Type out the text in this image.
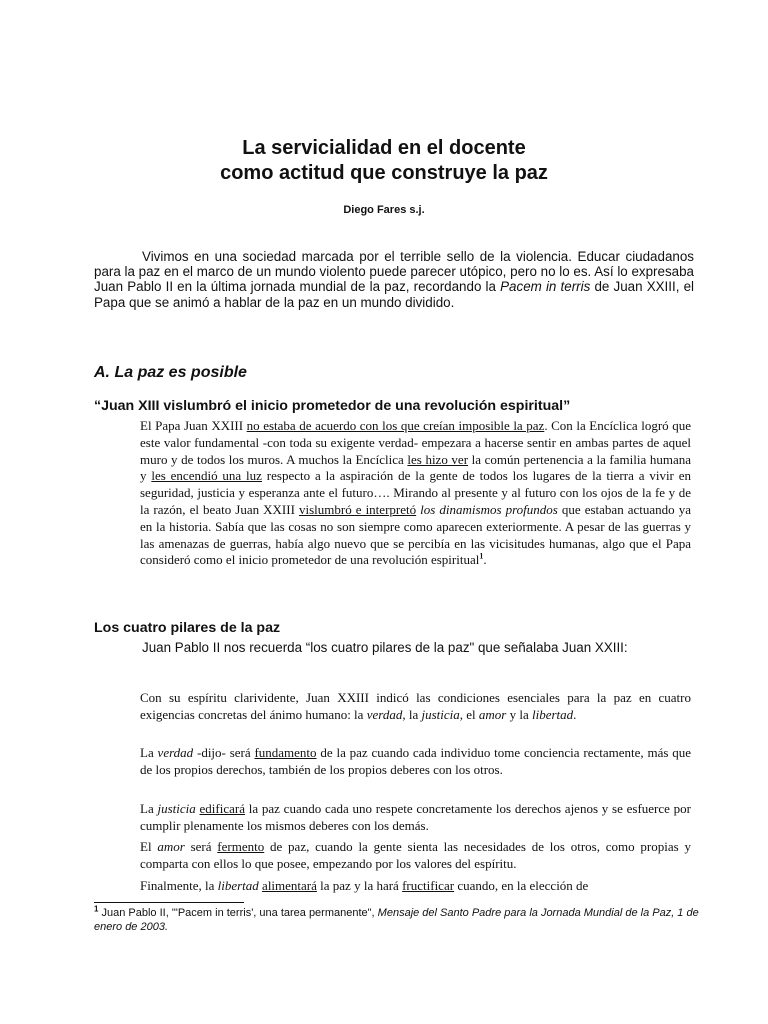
La servicialidad en el docente
como actitud que construye la paz
Diego Fares s.j.
Vivimos en una sociedad marcada por el terrible sello de la violencia. Educar ciudadanos para la paz en el marco de un mundo violento puede parecer utópico, pero no lo es. Así lo expresaba Juan Pablo II en la última jornada mundial de la paz, recordando la Pacem in terris de Juan XXIII, el Papa que se animó a hablar de la paz en un mundo dividido.
A. La paz es posible
“Juan XIII vislumbró el inicio prometedor de una revolución espiritual”
El Papa Juan XXIII no estaba de acuerdo con los que creían imposible la paz. Con la Encíclica logró que este valor fundamental -con toda su exigente verdad- empezara a hacerse sentir en ambas partes de aquel muro y de todos los muros. A muchos la Encíclica les hizo ver la común pertenencia a la familia humana y les encendió una luz respecto a la aspiración de la gente de todos los lugares de la tierra a vivir en seguridad, justicia y esperanza ante el futuro…. Mirando al presente y al futuro con los ojos de la fe y de la razón, el beato Juan XXIII vislumbró e interpretó los dinamismos profundos que estaban actuando ya en la historia. Sabía que las cosas no son siempre como aparecen exteriormente. A pesar de las guerras y las amenazas de guerras, había algo nuevo que se percibía en las vicisitudes humanas, algo que el Papa consideró como el inicio prometedor de una revolución espiritual$^1$.
Los cuatro pilares de la paz
Juan Pablo II nos recuerda “los cuatro pilares de la paz" que señalaba Juan XXIII:
Con su espíritu clarividente, Juan XXIII indicó las condiciones esenciales para la paz en cuatro exigencias concretas del ánimo humano: la verdad, la justicia, el amor y la libertad.
La verdad -dijo- será fundamento de la paz cuando cada individuo tome conciencia rectamente, más que de los propios derechos, también de los propios deberes con los otros.
La justicia edificará la paz cuando cada uno respete concretamente los derechos ajenos y se esfuerce por cumplir plenamente los mismos deberes con los demás.
El amor será fermento de paz, cuando la gente sienta las necesidades de los otros, como propias y comparta con ellos lo que posee, empezando por los valores del espíritu.
Finalmente, la libertad alimentará la paz y la hará fructificar cuando, en la elección de
$^1$ Juan Pablo II, "'Pacem in terris', una tarea permanente", Mensaje del Santo Padre para la Jornada Mundial de la Paz, 1 de enero de 2003.
